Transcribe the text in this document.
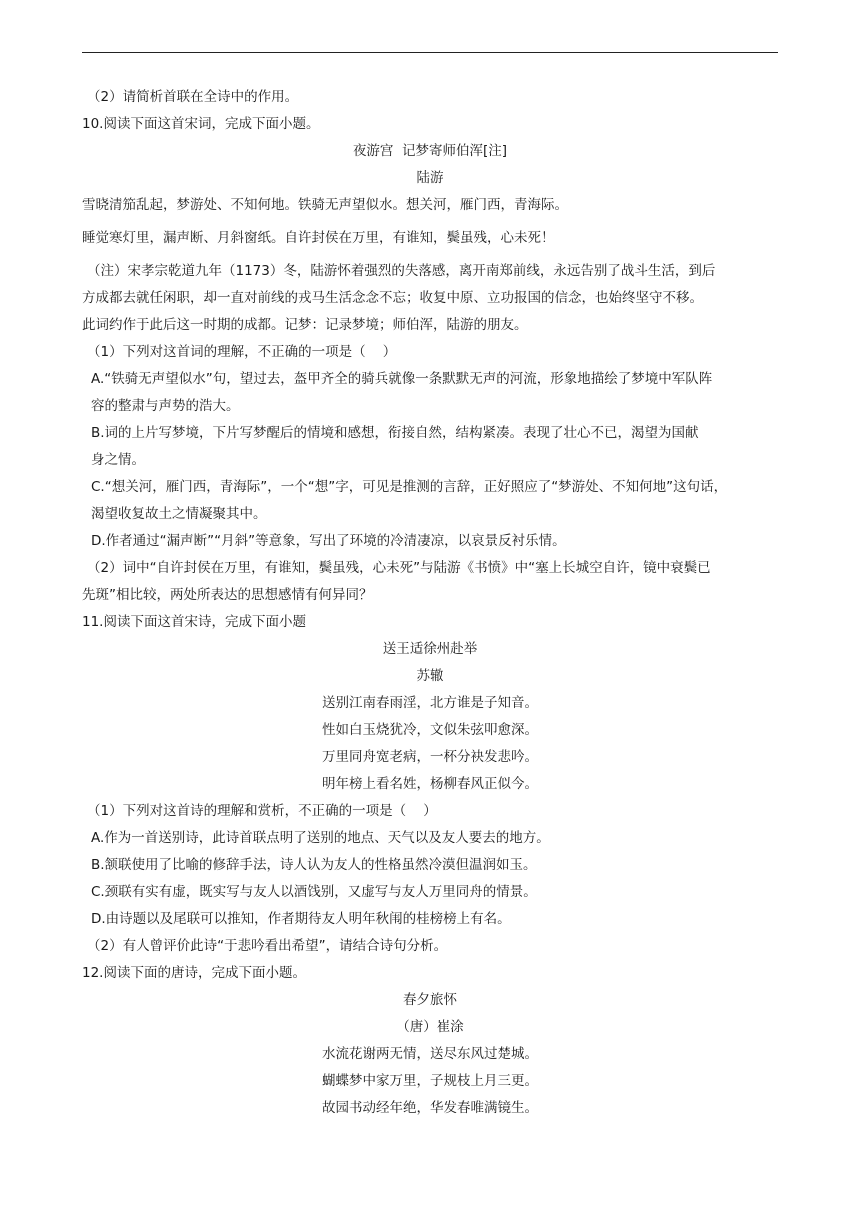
（2）请简析首联在全诗中的作用。
10.阅读下面这首宋词，完成下面小题。
夜游宫  记梦寄师伯浑[注]
陆游
雪晓清笳乱起，梦游处、不知何地。铁骑无声望似水。想关河，雁门西，青海际。
睡觉寒灯里，漏声断、月斜窗纸。自许封侯在万里，有谁知，鬓虽残，心未死！
（注）宋孝宗乾道九年（1173）冬，陆游怀着强烈的失落感，离开南郑前线，永远告别了战斗生活，到后
方成都去就任闲职，却一直对前线的戎马生活念念不忘；收复中原、立功报国的信念，也始终坚守不移。
此词约作于此后这一时期的成都。记梦：记录梦境；师伯浑，陆游的朋友。
（1）下列对这首词的理解，不正确的一项是（    ）
A.“铁骑无声望似水”句，望过去，盔甲齐全的骑兵就像一条默默无声的河流，形象地描绘了梦境中军队阵
容的整肃与声势的浩大。
B.词的上片写梦境，下片写梦醒后的情境和感想，衔接自然，结构紧凑。表现了壮心不已，渴望为国献
身之情。
C.“想关河，雁门西，青海际”，一个“想”字，可见是推测的言辞，正好照应了“梦游处、不知何地”这句话，
渴望收复故土之情凝聚其中。
D.作者通过“漏声断”“月斜”等意象，写出了环境的冷清凄凉，以哀景反衬乐情。
（2）词中“自许封侯在万里，有谁知，鬓虽残，心未死”与陆游《书愤》中“塞上长城空自许，镜中衰鬓已
先斑”相比较，两处所表达的思想感情有何异同？
11.阅读下面这首宋诗，完成下面小题
送王适徐州赴举
苏辙
送别江南春雨淫，北方谁是子知音。
性如白玉烧犹冷，文似朱弦叩愈深。
万里同舟宽老病，一杯分袂发悲吟。
明年榜上看名姓，杨柳春风正似今。
（1）下列对这首诗的理解和赏析，不正确的一项是（    ）
A.作为一首送别诗，此诗首联点明了送别的地点、天气以及友人要去的地方。
B.颔联使用了比喻的修辞手法，诗人认为友人的性格虽然冷漠但温润如玉。
C.颈联有实有虚，既实写与友人以酒饯别，又虚写与友人万里同舟的情景。
D.由诗题以及尾联可以推知，作者期待友人明年秋闱的桂榜榜上有名。
（2）有人曾评价此诗“于悲吟看出希望”，请结合诗句分析。
12.阅读下面的唐诗，完成下面小题。
春夕旅怀
（唐）崔涂
水流花谢两无情，送尽东风过楚城。
蝴蝶梦中家万里，子规枝上月三更。
故园书动经年绝，华发春唯满镜生。
